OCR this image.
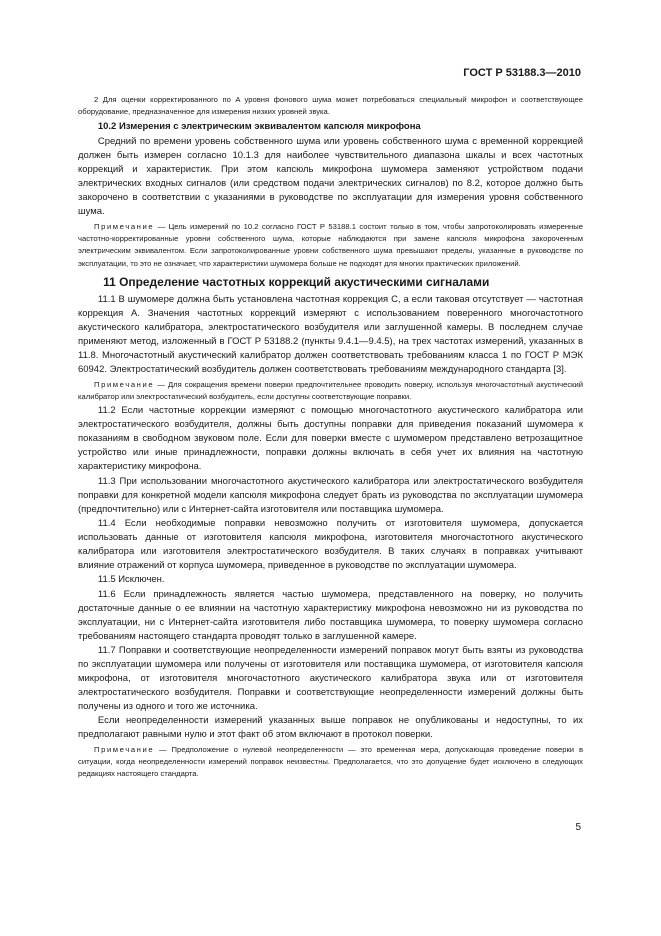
ГОСТ Р 53188.3—2010

2 Для оценки корректированного по A уровня фонового шума может потребоваться специальный микрофон и соответствующее оборудование, предназначенное для измерения низких уровней звука.

10.2 Измерения с электрическим эквивалентом капсюля микрофона

Средний по времени уровень собственного шума или уровень собственного шума с временной коррекцией должен быть измерен согласно 10.1.3 для наиболее чувствительного диапазона шкалы и всех частотных коррекций и характеристик. При этом капсюль микрофона шумомера заменяют устройством подачи электрических входных сигналов (или средством подачи электрических сигналов) по 8.2, которое должно быть закорочено в соответствии с указаниями в руководстве по эксплуатации для измерения уровня собственного шума.

Примечание — Цель измерений по 10.2 согласно ГОСТ Р 53188.1 состоит только в том, чтобы запротоколировать измеренные частотно-корректированные уровни собственного шума, которые наблюдаются при замене капсюля микрофона закороченным электрическим эквивалентом. Если запротоколированные уровни собственного шума превышают пределы, указанные в руководстве по эксплуатации, то это не означает, что характеристики шумомера больше не подходят для многих практических приложений.

11 Определение частотных коррекций акустическими сигналами

11.1 В шумомере должна быть установлена частотная коррекция C, а если таковая отсутствует — частотная коррекция A. Значения частотных коррекций измеряют с использованием поверенного многочастотного акустического калибратора, электростатического возбудителя или заглушенной камеры. В последнем случае применяют метод, изложенный в ГОСТ Р 53188.2 (пункты 9.4.1—9.4.5), на трех частотах измерений, указанных в 11.8. Многочастотный акустический калибратор должен соответствовать требованиям класса 1 по ГОСТ Р МЭК 60942. Электростатический возбудитель должен соответствовать требованиям международного стандарта [3].

Примечание — Для сокращения времени поверки предпочтительнее проводить поверку, используя многочастотный акустический калибратор или электростатический возбудитель, если доступны соответствующие поправки.

11.2 Если частотные коррекции измеряют с помощью многочастотного акустического калибратора или электростатического возбудителя, должны быть доступны поправки для приведения показаний шумомера к показаниям в свободном звуковом поле. Если для поверки вместе с шумомером представлено ветрозащитное устройство или иные принадлежности, поправки должны включать в себя учет их влияния на частотную характеристику микрофона.

11.3 При использовании многочастотного акустического калибратора или электростатического возбудителя поправки для конкретной модели капсюля микрофона следует брать из руководства по эксплуатации шумомера (предпочтительно) или с Интернет-сайта изготовителя или поставщика шумомера.

11.4 Если необходимые поправки невозможно получить от изготовителя шумомера, допускается использовать данные от изготовителя капсюля микрофона, изготовителя многочастотного акустического калибратора или изготовителя электростатического возбудителя. В таких случаях в поправках учитывают влияние отражений от корпуса шумомера, приведенное в руководстве по эксплуатации шумомера.

11.5 Исключен.

11.6 Если принадлежность является частью шумомера, представленного на поверку, но получить достаточные данные о ее влиянии на частотную характеристику микрофона невозможно ни из руководства по эксплуатации, ни с Интернет-сайта изготовителя либо поставщика шумомера, то поверку шумомера согласно требованиям настоящего стандарта проводят только в заглушенной камере.

11.7 Поправки и соответствующие неопределенности измерений поправок могут быть взяты из руководства по эксплуатации шумомера или получены от изготовителя или поставщика шумомера, от изготовителя капсюля микрофона, от изготовителя многочастотного акустического калибратора звука или от изготовителя электростатического возбудителя. Поправки и соответствующие неопределенности измерений должны быть получены из одного и того же источника.

Если неопределенности измерений указанных выше поправок не опубликованы и недоступны, то их предполагают равными нулю и этот факт об этом включают в протокол поверки.

Примечание — Предположение о нулевой неопределенности — это временная мера, допускающая проведение поверки в ситуации, когда неопределенности измерений поправок неизвестны. Предполагается, что это допущение будет исключено в следующих редакциях настоящего стандарта.

5
